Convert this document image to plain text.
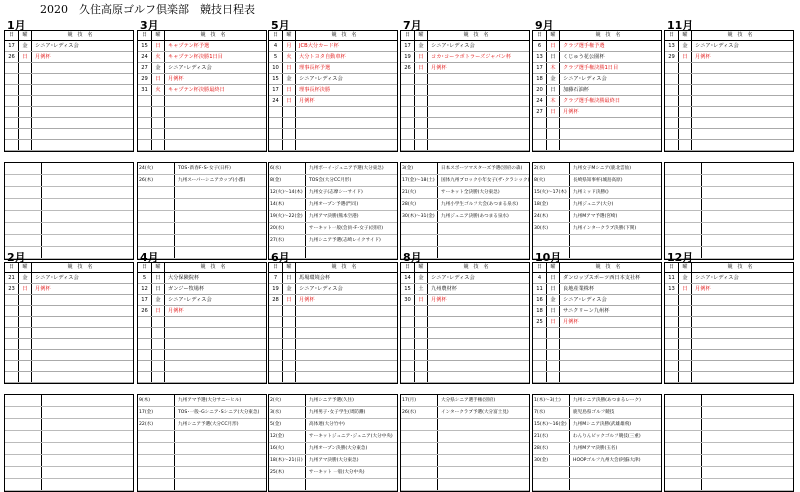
2020　久住高原ゴルフ倶楽部　競技日程表
1月
日	曜	競技名
17	金	シニア･レディス会
26	日	月例杯
3月
日	曜	競技名
15	日	キャプテン杯予選
24	火	キャプテン杯決勝1日目
27	金	シニア･レディス会
29	日	月例杯
31	火	キャプテン杯決勝最終日
24(火)	TOS･新春F･S･女子(日杵)
26(木)	九州スーパーシニアカップ(小郡)
5月
日	曜	競技名
4	月	JCB大分カード杯
5	火	大分トヨタ自動車杯
10	日	理事長杯予選
15	金	シニア･レディス会
17	日	理事長杯決勝
24	日	月例杯
6(水)	九州ボーイ･ジュニア予選(大分東急)
8(金)	TOS会(大分CC月形)
12(火)〜14(木)	九州女子(志摩シーサイド)
14(木)	九州オープン予選(門司)
19(火)〜22(金)	九州アマ決勝(熊本空港)
20(水)	サーキット一般(会員･F･女子)(別府)
27(水)	九州シニア予選(志崎レイクサイド)
7月
日	曜	競技名
17	金	シニア･レディス会
19	日	コカ･コーラボトラーズジャパン杯
26	日	月例杯
3(金)	日本スポーツマスターズ予選(別府の森)
17(金)〜18(土)	国体九州ブロック小年女子(ザ･クラシック)
21(火)	サーキット全決勝(大分東急)
28(火)	九州小学生ゴルフ大会(あつまる泉水)
30(木)〜31(金)	九州ジュニア決勝(あつまる泉水)
9月
日	曜	競技名
6	日	クラブ選手権予選
13	日	くじゅう花公園杯
17	木	クラブ選手権決勝1日目
18	金	シニア･レディス会
20	日	加藤石油杯
24	木	クラブ選手権決勝最終日
27	日	月例杯
2(水)	九州女子Mシニア(鹿北雲仙)
8(火)	長崎県知事杯(城島高原)
15(火)〜17(木)	九州ミッド決勝()
18(金)	九州ジュニア(大分)
24(木)	九州Mアマ予選(宮崎)
30(水)	九州インタークラブ決勝(下関)
11月
日	曜	競技名
13	金	シニア･レディス会
29	日	月例杯
2月
日	曜	競技名
21	金	シニア･レディス会
23	日	月例杯
4月
日	曜	競技名
5	日	大分保険院杯
12	日	ガンジー牧場杯
17	金	シニア･レディス会
26	日	月例杯
9(木)	九州アマ予選(大分サニーヒル)
17(金)	TOS･一般･Gシニア･Sシニア(大分東急)
22(水)	九州シニア予選(大分CC月形)
6月
日	曜	競技名
7	日	馬場環境会杯
19	金	シニア･レディス会
28	日	月例杯
2(火)	九州シニア予選(久住)
3(水)	九州男子･女子学生(周防灘)
5(金)	高体連(大分竹中)
12(金)	サーキットジュニア･ジュニア(大分中央)
16(火)	九州オープン決勝(大分東急)
18(木)〜21(日)	九州アマ決勝(大分東急)
25(木)	サーキット 一般(大分中央)
8月
日	曜	競技名
14	金	シニア･レディス会
15	土	九州農材杯
30	日	月例杯
17(月)	大分県シニア選手権(別府)
26(水)	インタークラブ予選(大分富士見)
10月
日	曜	競技名
4	日	ダンロップスポーツ西日本支社杯
11	日	良地産業株杯
16	金	シニア･レディス会
18	日	サニクリーン九州杯
25	日	月例杯
1(木)〜3(土)	九州シニア決勝(あつまるレーク)
7(水)	鹿児島県ゴルフ競技
15(木)〜16(金)	九州Mシニア決勝(武雄雄飛)
21(水)	わんりんピックゴルフ競技(三重)
28(水)	九州Mアマ決勝(玉名)
30(金)	HOOPゴルフ九州大会(阿蘇大津)
12月
日	曜	競技名
11	金	シニア･レディス会
13	日	月例杯
